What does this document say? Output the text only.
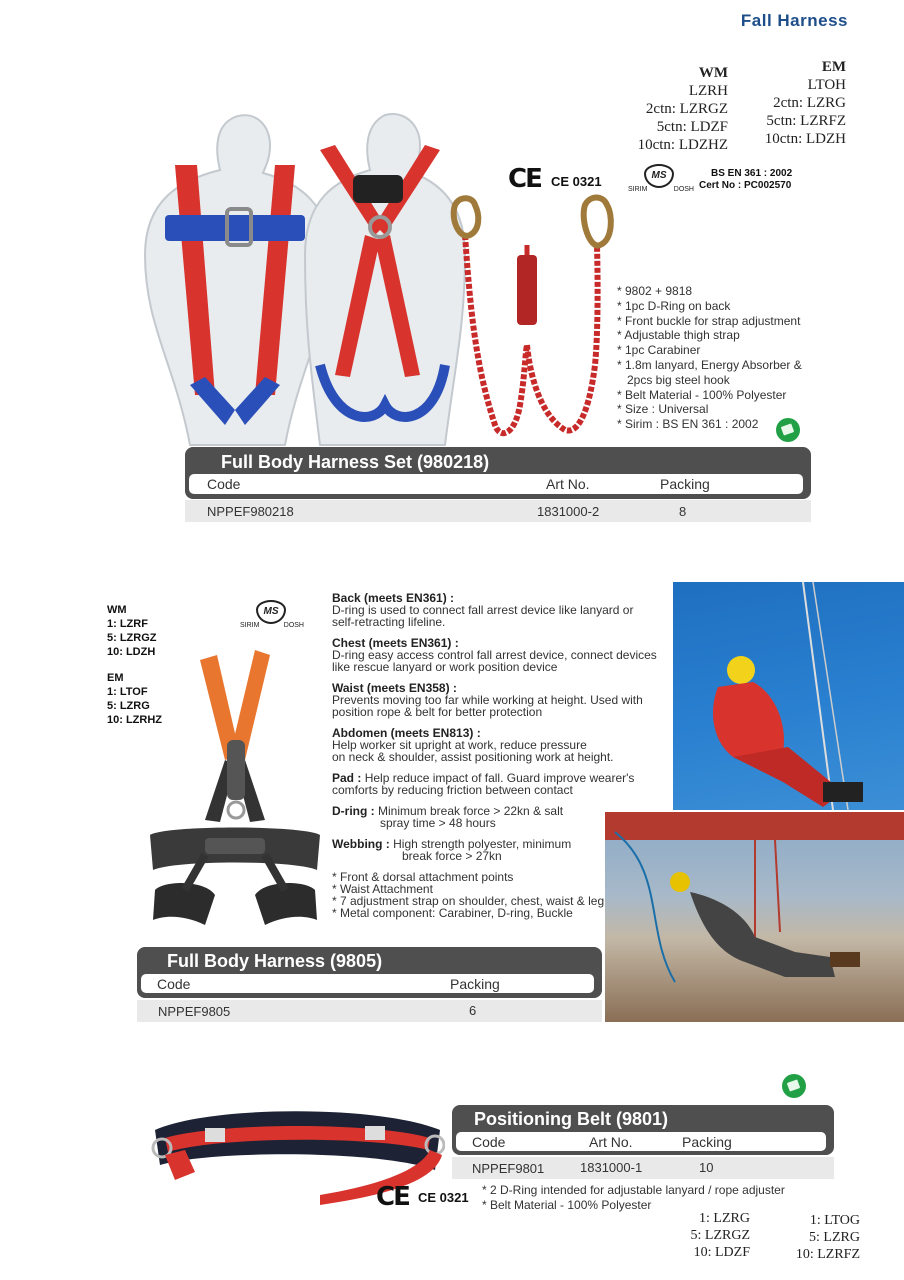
Fall Harness
WM
LZRH
2ctn: LZRGZ
5ctn: LDZF
10ctn: LDZHZ
EM
LTOH
2ctn: LZRG
5ctn: LZRFZ
10ctn: LDZH
CE CE 0321	MS
SIRIM	DOSH
BS EN 361 : 2002
Cert No : PC002570
* 9802 + 9818
* 1pc D-Ring on back
* Front buckle for strap adjustment
* Adjustable thigh strap
* 1pc Carabiner
* 1.8m lanyard, Energy Absorber &
2pcs big steel hook
* Belt Material - 100% Polyester
* Size : Universal
* Sirim : BS EN 361 : 2002
Full Body Harness Set (980218)
Code	Art No.	Packing
NPPEF980218	1831000-2	8
WM
1: LZRF
5: LZRGZ
10: LDZH
EM
1: LTOF
5: LZRG
10: LZRHZ
MS
SIRIM	DOSH
Back (meets EN361) :
D-ring is used to connect fall arrest device like lanyard or
self-retracting lifeline.
Chest (meets EN361) :
D-ring easy access control fall arrest device, connect devices
like rescue lanyard or work position device
Waist (meets EN358) :
Prevents moving too far while working at height. Used with
position rope & belt for better protection
Abdomen (meets EN813) :
Help worker sit upright at work, reduce pressure
on neck & shoulder, assist positioning work at height.
Pad : Help reduce impact of fall. Guard improve wearer's
comforts by reducing friction between contact
D-ring : Minimum break force > 22kn & salt
spray time > 48 hours
Webbing : High strength polyester, minimum
break force > 27kn
* Front & dorsal attachment points
* Waist Attachment
* 7 adjustment strap on shoulder, chest, waist & leg
* Metal component: Carabiner, D-ring, Buckle
Full Body Harness (9805)
Code	Packing
NPPEF9805	6
Positioning Belt (9801)
Code	Art No.	Packing
NPPEF9801	1831000-1	10
CE CE 0321 * 2 D-Ring intended for adjustable lanyard / rope adjuster
* Belt Material - 100% Polyester
1: LZRG
5: LZRGZ
10: LDZF
1: LTOG
5: LZRG
10: LZRFZ
